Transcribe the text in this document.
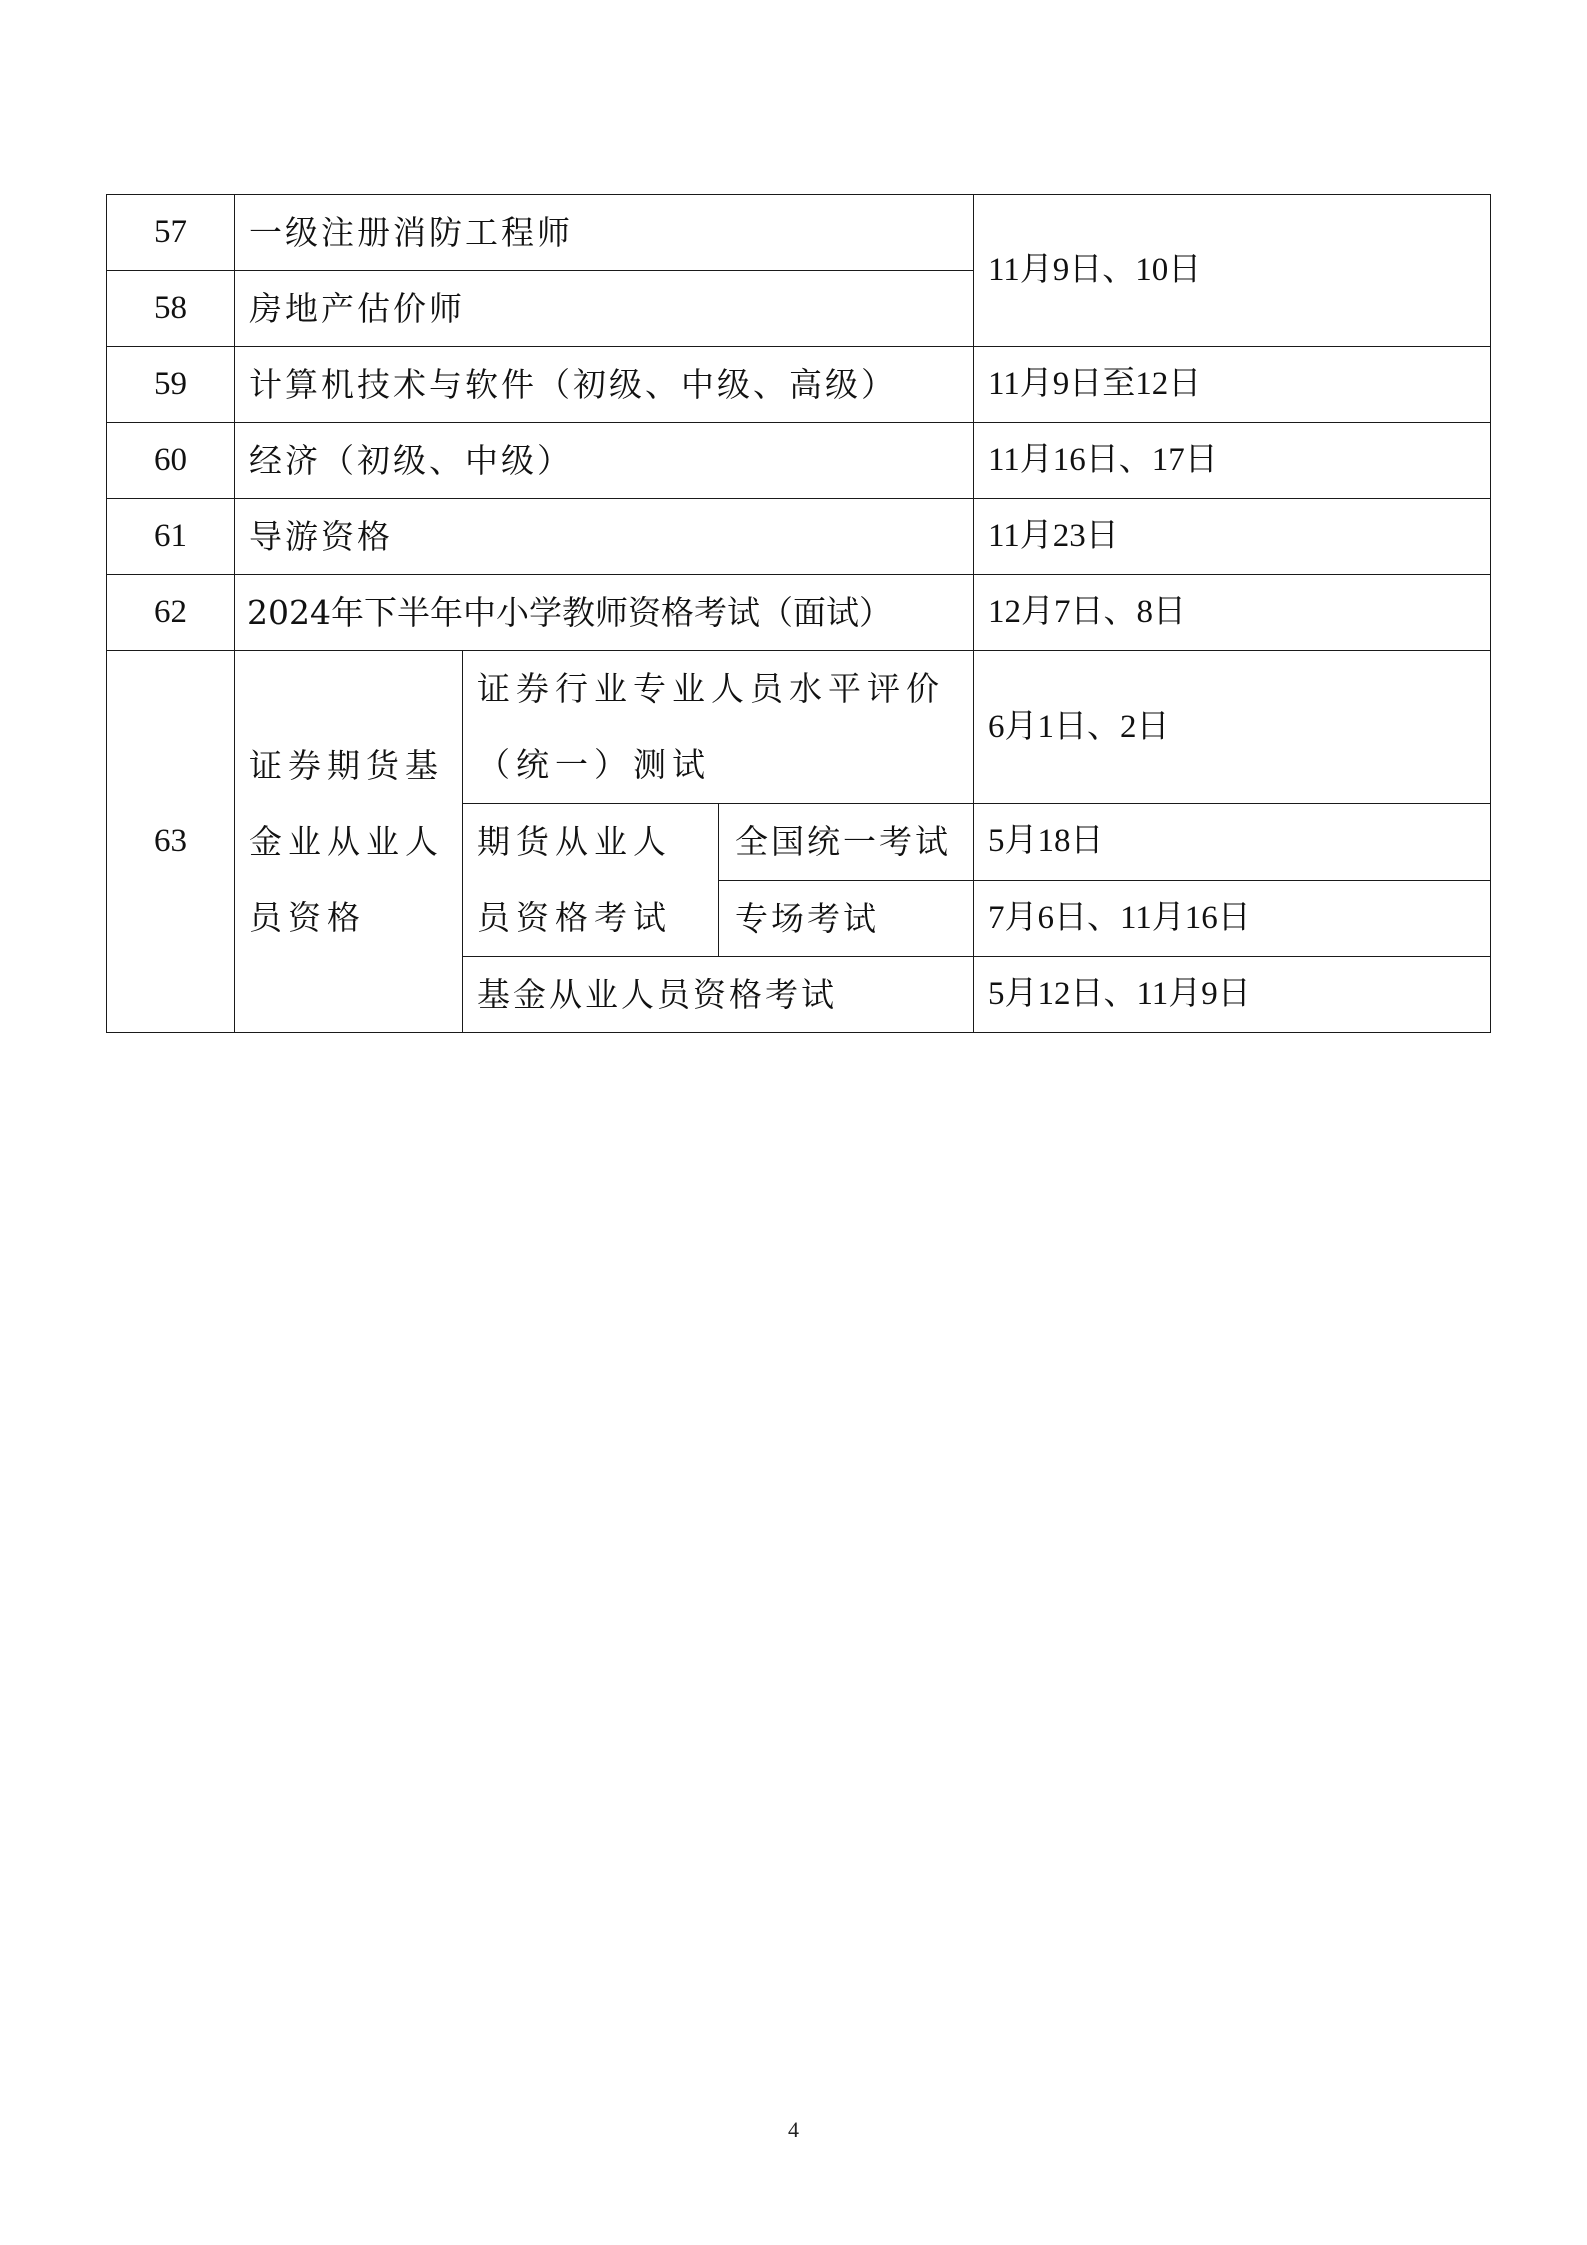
57	一级注册消防工程师			11月9日、10日
58	房地产估价师			
59	计算机技术与软件（初级、中级、高级）			11月9日至12日
60	经济（初级、中级）			11月16日、17日
61	导游资格			11月23日
62	2024年下半年中小学教师资格考试（面试）			12月7日、8日
63	证券期货基金业从业人员资格	证券行业专业人员水平评价（统一）测试		6月1日、2日
		期货从业人员资格考试	全国统一考试	5月18日
			专场考试	7月6日、11月16日
		基金从业人员资格考试		5月12日、11月9日
4
